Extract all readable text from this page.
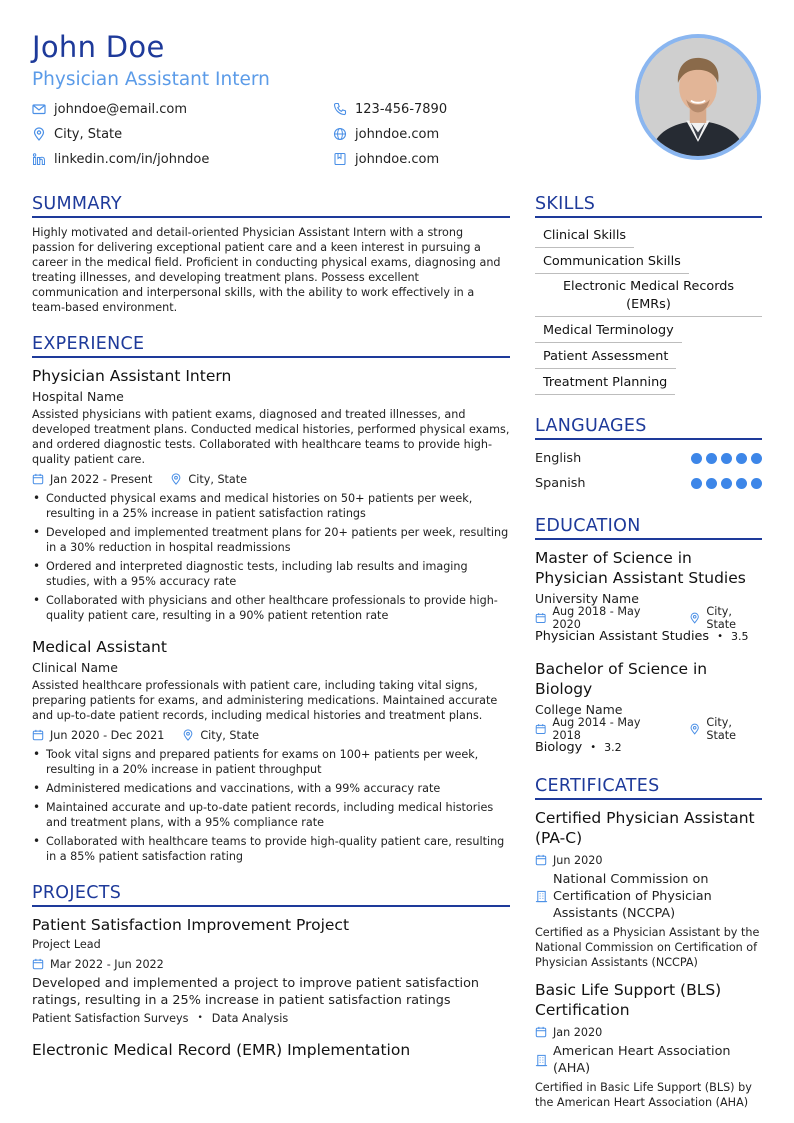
John Doe
Physician Assistant Intern
johndoe@email.com	123-456-7890
City, State	johndoe.com
linkedin.com/in/johndoe	johndoe.com
SUMMARY
Highly motivated and detail-oriented Physician Assistant Intern with a strong passion for delivering exceptional patient care and a keen interest in pursuing a career in the medical field. Proficient in conducting physical exams, diagnosing and treating illnesses, and developing treatment plans. Possess excellent communication and interpersonal skills, with the ability to work effectively in a team-based environment.
EXPERIENCE
Physician Assistant Intern
Hospital Name
Assisted physicians with patient exams, diagnosed and treated illnesses, and developed treatment plans. Conducted medical histories, performed physical exams, and ordered diagnostic tests. Collaborated with healthcare teams to provide high-quality patient care.
Jan 2022 - Present	City, State
• Conducted physical exams and medical histories on 50+ patients per week, resulting in a 25% increase in patient satisfaction ratings
• Developed and implemented treatment plans for 20+ patients per week, resulting in a 30% reduction in hospital readmissions
• Ordered and interpreted diagnostic tests, including lab results and imaging studies, with a 95% accuracy rate
• Collaborated with physicians and other healthcare professionals to provide high-quality patient care, resulting in a 90% patient retention rate
Medical Assistant
Clinical Name
Assisted healthcare professionals with patient care, including taking vital signs, preparing patients for exams, and administering medications. Maintained accurate and up-to-date patient records, including medical histories and treatment plans.
Jun 2020 - Dec 2021	City, State
• Took vital signs and prepared patients for exams on 100+ patients per week, resulting in a 20% increase in patient throughput
• Administered medications and vaccinations, with a 99% accuracy rate
• Maintained accurate and up-to-date patient records, including medical histories and treatment plans, with a 95% compliance rate
• Collaborated with healthcare teams to provide high-quality patient care, resulting in a 85% patient satisfaction rating
PROJECTS
Patient Satisfaction Improvement Project
Project Lead
Mar 2022 - Jun 2022
Developed and implemented a project to improve patient satisfaction ratings, resulting in a 25% increase in patient satisfaction ratings
Patient Satisfaction Surveys • Data Analysis
Electronic Medical Record (EMR) Implementation
SKILLS
Clinical Skills
Communication Skills
Electronic Medical Records (EMRs)
Medical Terminology
Patient Assessment
Treatment Planning
LANGUAGES
English
Spanish
EDUCATION
Master of Science in Physician Assistant Studies
University Name
Aug 2018 - May 2020
City, State
Physician Assistant Studies • 3.5
Bachelor of Science in Biology
College Name
Aug 2014 - May 2018
City, State
Biology • 3.2
CERTIFICATES
Certified Physician Assistant (PA-C)
Jun 2020
National Commission on Certification of Physician Assistants (NCCPA)
Certified as a Physician Assistant by the National Commission on Certification of Physician Assistants (NCCPA)
Basic Life Support (BLS) Certification
Jan 2020
American Heart Association (AHA)
Certified in Basic Life Support (BLS) by the American Heart Association (AHA)
